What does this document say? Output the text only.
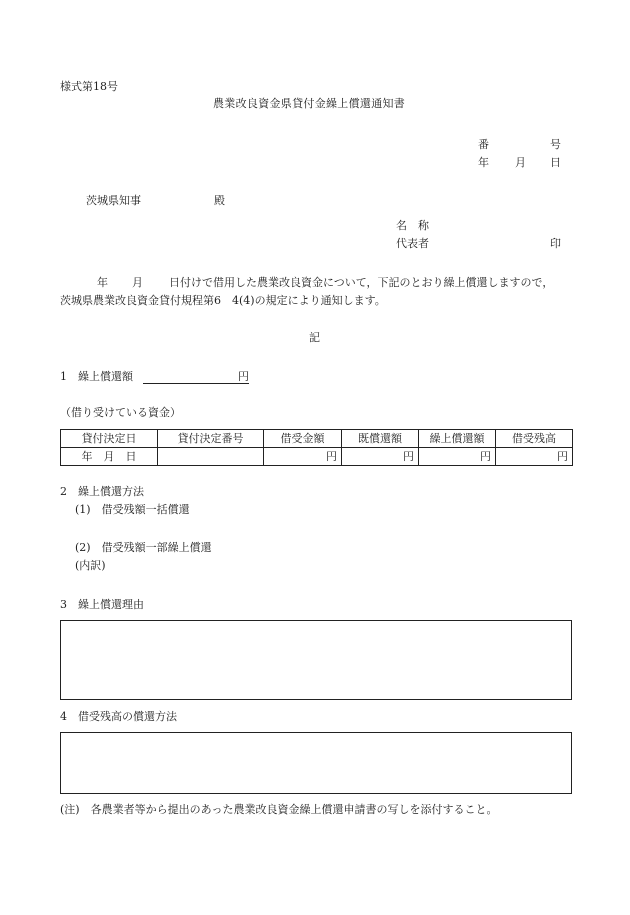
様式第18号
農業改良資金県貸付金繰上償還通知書
番	号
年 月 日
茨城県知事	殿
名　称
代表者	印
年 月 日付けで借用した農業改良資金について，下記のとおり繰上償還しますので，
茨城県農業改良資金貸付規程第6　4(4)の規定により通知します。
記
1　繰上償還額	円
（借り受けている資金）
貸付決定日	貸付決定番号	借受金額	既償還額	繰上償還額	借受残高
年　月　日		円	円	円	円
2　繰上償還方法
(1)　借受残額一括償還
(2)　借受残額一部繰上償還
(内訳)
3　繰上償還理由
4　借受残高の償還方法
(注)　各農業者等から提出のあった農業改良資金繰上償還申請書の写しを添付すること。
